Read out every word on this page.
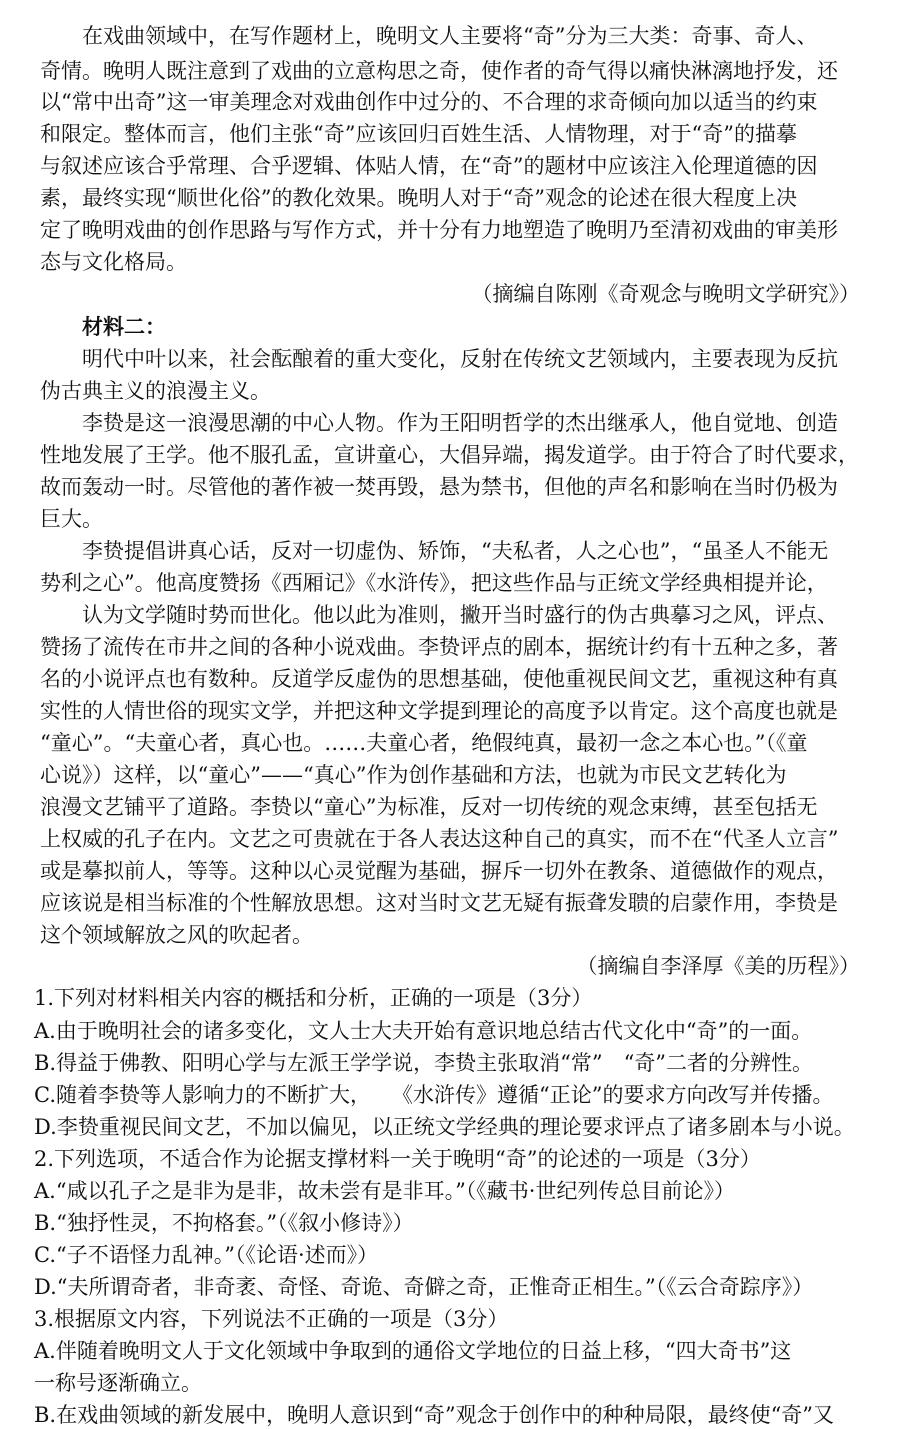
在戏曲领域中，在写作题材上，晚明文人主要将“奇”分为三大类：奇事、奇人、
奇情。晚明人既注意到了戏曲的立意构思之奇，使作者的奇气得以痛快淋漓地抒发，还
以“常中出奇”这一审美理念对戏曲创作中过分的、不合理的求奇倾向加以适当的约束
和限定。整体而言，他们主张“奇”应该回归百姓生活、人情物理，对于“奇”的描摹
与叙述应该合乎常理、合乎逻辑、体贴人情，在“奇”的题材中应该注入伦理道德的因
素，最终实现“顺世化俗”的教化效果。晚明人对于“奇”观念的论述在很大程度上决
定了晚明戏曲的创作思路与写作方式，并十分有力地塑造了晚明乃至清初戏曲的审美形
态与文化格局。
（摘编自陈刚《奇观念与晚明文学研究》）
材料二：
明代中叶以来，社会酝酿着的重大变化，反射在传统文艺领域内，主要表现为反抗
伪古典主义的浪漫主义。
李贽是这一浪漫思潮的中心人物。作为王阳明哲学的杰出继承人，他自觉地、创造
性地发展了王学。他不服孔孟，宣讲童心，大倡异端，揭发道学。由于符合了时代要求，
故而轰动一时。尽管他的著作被一焚再毁，悬为禁书，但他的声名和影响在当时仍极为
巨大。
李贽提倡讲真心话，反对一切虚伪、矫饰，“夫私者，人之心也”，“虽圣人不能无
势利之心”。他高度赞扬《西厢记》《水浒传》，把这些作品与正统文学经典相提并论，
认为文学随时势而世化。他以此为准则，撇开当时盛行的伪古典摹习之风，评点、
赞扬了流传在市井之间的各种小说戏曲。李贽评点的剧本，据统计约有十五种之多，著
名的小说评点也有数种。反道学反虚伪的思想基础，使他重视民间文艺，重视这种有真
实性的人情世俗的现实文学，并把这种文学提到理论的高度予以肯定。这个高度也就是
“童心”。“夫童心者，真心也。……夫童心者，绝假纯真，最初一念之本心也。”（《童
心说》）这样，以“童心”——“真心”作为创作基础和方法，也就为市民文艺转化为
浪漫文艺铺平了道路。李贽以“童心”为标准，反对一切传统的观念束缚，甚至包括无
上权威的孔子在内。文艺之可贵就在于各人表达这种自己的真实，而不在“代圣人立言”
或是摹拟前人，等等。这种以心灵觉醒为基础，摒斥一切外在教条、道德做作的观点，
应该说是相当标准的个性解放思想。这对当时文艺无疑有振聋发聩的启蒙作用，李贽是
这个领域解放之风的吹起者。
（摘编自李泽厚《美的历程》）
1.下列对材料相关内容的概括和分析，正确的一项是（3分）
A.由于晚明社会的诸多变化，文人士大夫开始有意识地总结古代文化中“奇”的一面。
B.得益于佛教、阳明心学与左派王学学说，李贽主张取消“常”　“奇”二者的分辨性。
C.随着李贽等人影响力的不断扩大，　　《水浒传》遵循“正论”的要求方向改写并传播。
D.李贽重视民间文艺，不加以偏见，以正统文学经典的理论要求评点了诸多剧本与小说。
2.下列选项，不适合作为论据支撑材料一关于晚明“奇”的论述的一项是（3分）
A.“咸以孔子之是非为是非，故未尝有是非耳。”（《藏书·世纪列传总目前论》）
B.“独抒性灵，不拘格套。”（《叙小修诗》）
C.“子不语怪力乱神。”（《论语·述而》）
D.“夫所谓奇者，非奇袤、奇怪、奇诡、奇僻之奇，正惟奇正相生。”（《云合奇踪序》）
3.根据原文内容，下列说法不正确的一项是（3分）
A.伴随着晚明文人于文化领域中争取到的通俗文学地位的日益上移，“四大奇书”这
一称号逐渐确立。
B.在戏曲领域的新发展中，晚明人意识到“奇”观念于创作中的种种局限，最终使“奇”又
